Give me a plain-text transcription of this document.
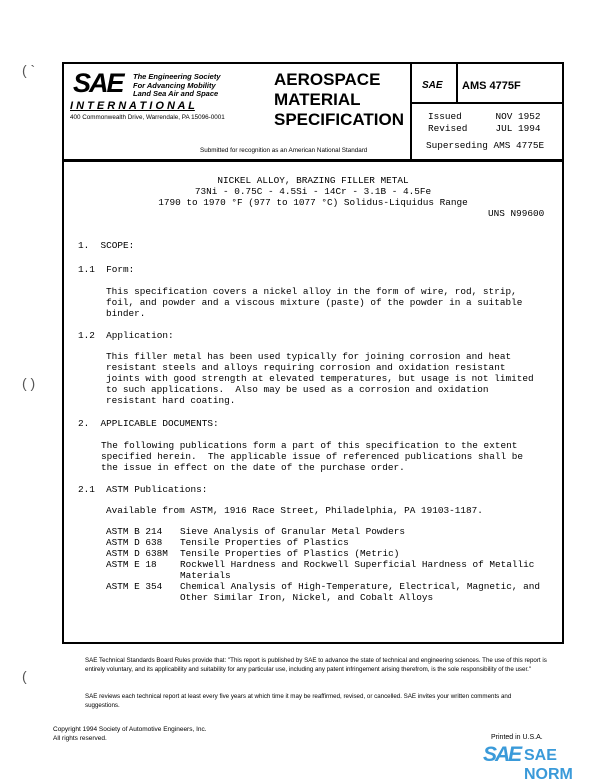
( `
( )
(
SAE The Engineering Society
For Advancing Mobility
Land Sea Air and Space
I N T E R N A T I O N A L
400 Commonwealth Drive, Warrendale, PA 15096-0001
AEROSPACE
MATERIAL
SPECIFICATION
Submitted for recognition as an American National Standard
SAE AMS 4775F
Issued	NOV 1952
Revised	JUL 1994
Superseding AMS 4775E
NICKEL ALLOY, BRAZING FILLER METAL
73Ni - 0.75C - 4.5Si - 14Cr - 3.1B - 4.5Fe
1790 to 1970 °F (977 to 1077 °C) Solidus-Liquidus Range
UNS N99600
1.  SCOPE:
1.1  Form:
This specification covers a nickel alloy in the form of wire, rod, strip,
foil, and powder and a viscous mixture (paste) of the powder in a suitable
binder.
1.2  Application:
This filler metal has been used typically for joining corrosion and heat
resistant steels and alloys requiring corrosion and oxidation resistant
joints with good strength at elevated temperatures, but usage is not limited
to such applications.  Also may be used as a corrosion and oxidation
resistant hard coating.
2.  APPLICABLE DOCUMENTS:
The following publications form a part of this specification to the extent
specified herein.  The applicable issue of referenced publications shall be
the issue in effect on the date of the purchase order.
2.1  ASTM Publications:
Available from ASTM, 1916 Race Street, Philadelphia, PA 19103-1187.
ASTM B 214	Sieve Analysis of Granular Metal Powders
ASTM D 638	Tensile Properties of Plastics
ASTM D 638M	Tensile Properties of Plastics (Metric)
ASTM E 18	Rockwell Hardness and Rockwell Superficial Hardness of Metallic
Materials
ASTM E 354	Chemical Analysis of High-Temperature, Electrical, Magnetic, and
Other Similar Iron, Nickel, and Cobalt Alloys
SAE Technical Standards Board Rules provide that: "This report is published by SAE to advance the state of technical and engineering sciences. The use of this report is entirely voluntary, and its applicability and suitability for any particular use, including any patent infringement arising therefrom, is the sole responsibility of the user."
SAE reviews each technical report at least every five years at which time it may be reaffirmed, revised, or cancelled. SAE invites your written comments and suggestions.
Copyright 1994 Society of Automotive Engineers, Inc.
All rights reserved.	Printed in U.S.A.
SAE SAE NORM
